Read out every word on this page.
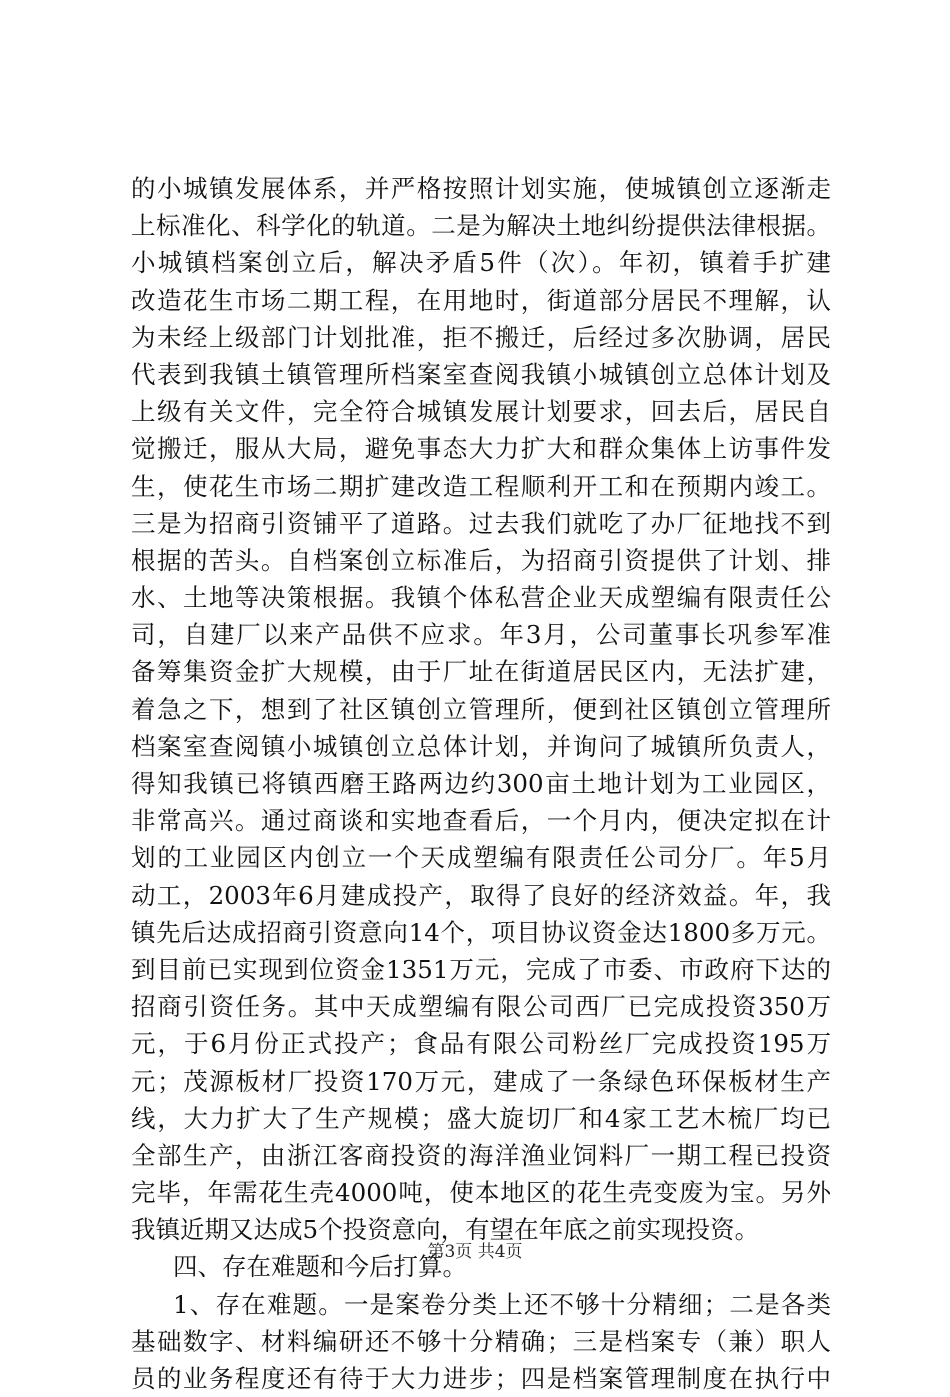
的小城镇发展体系，并严格按照计划实施，使城镇创立逐渐走
上标准化、科学化的轨道。二是为解决土地纠纷提供法律根据。
小城镇档案创立后，解决矛盾5件（次）。年初，镇着手扩建
改造花生市场二期工程，在用地时，街道部分居民不理解，认
为未经上级部门计划批准，拒不搬迁，后经过多次胁调，居民
代表到我镇土镇管理所档案室查阅我镇小城镇创立总体计划及
上级有关文件，完全符合城镇发展计划要求，回去后，居民自
觉搬迁，服从大局，避免事态大力扩大和群众集体上访事件发
生，使花生市场二期扩建改造工程顺利开工和在预期内竣工。
三是为招商引资铺平了道路。过去我们就吃了办厂征地找不到
根据的苦头。自档案创立标准后，为招商引资提供了计划、排
水、土地等决策根据。我镇个体私营企业天成塑编有限责任公
司，自建厂以来产品供不应求。年3月，公司董事长巩参军准
备筹集资金扩大规模，由于厂址在街道居民区内，无法扩建，
着急之下，想到了社区镇创立管理所，便到社区镇创立管理所
档案室查阅镇小城镇创立总体计划，并询问了城镇所负责人，
得知我镇已将镇西磨王路两边约300亩土地计划为工业园区，
非常高兴。通过商谈和实地查看后，一个月内，便决定拟在计
划的工业园区内创立一个天成塑编有限责任公司分厂。年5月
动工，2003年6月建成投产，取得了良好的经济效益。年，我
镇先后达成招商引资意向14个，项目协议资金达1800多万元。
到目前已实现到位资金1351万元，完成了市委、市政府下达的
招商引资任务。其中天成塑编有限公司西厂已完成投资350万
元，于6月份正式投产；食品有限公司粉丝厂完成投资195万
元；茂源板材厂投资170万元，建成了一条绿色环保板材生产
线，大力扩大了生产规模；盛大旋切厂和4家工艺木梳厂均已
全部生产，由浙江客商投资的海洋渔业饲料厂一期工程已投资
完毕，年需花生壳4000吨，使本地区的花生壳变废为宝。另外
我镇近期又达成5个投资意向，有望在年底之前实现投资。
四、存在难题和今后打算。
1、存在难题。一是案卷分类上还不够十分精细；二是各类
基础数字、材料编研还不够十分精确；三是档案专（兼）职人
员的业务程度还有待于大力进步；四是档案管理制度在执行中
第3页 共4页
